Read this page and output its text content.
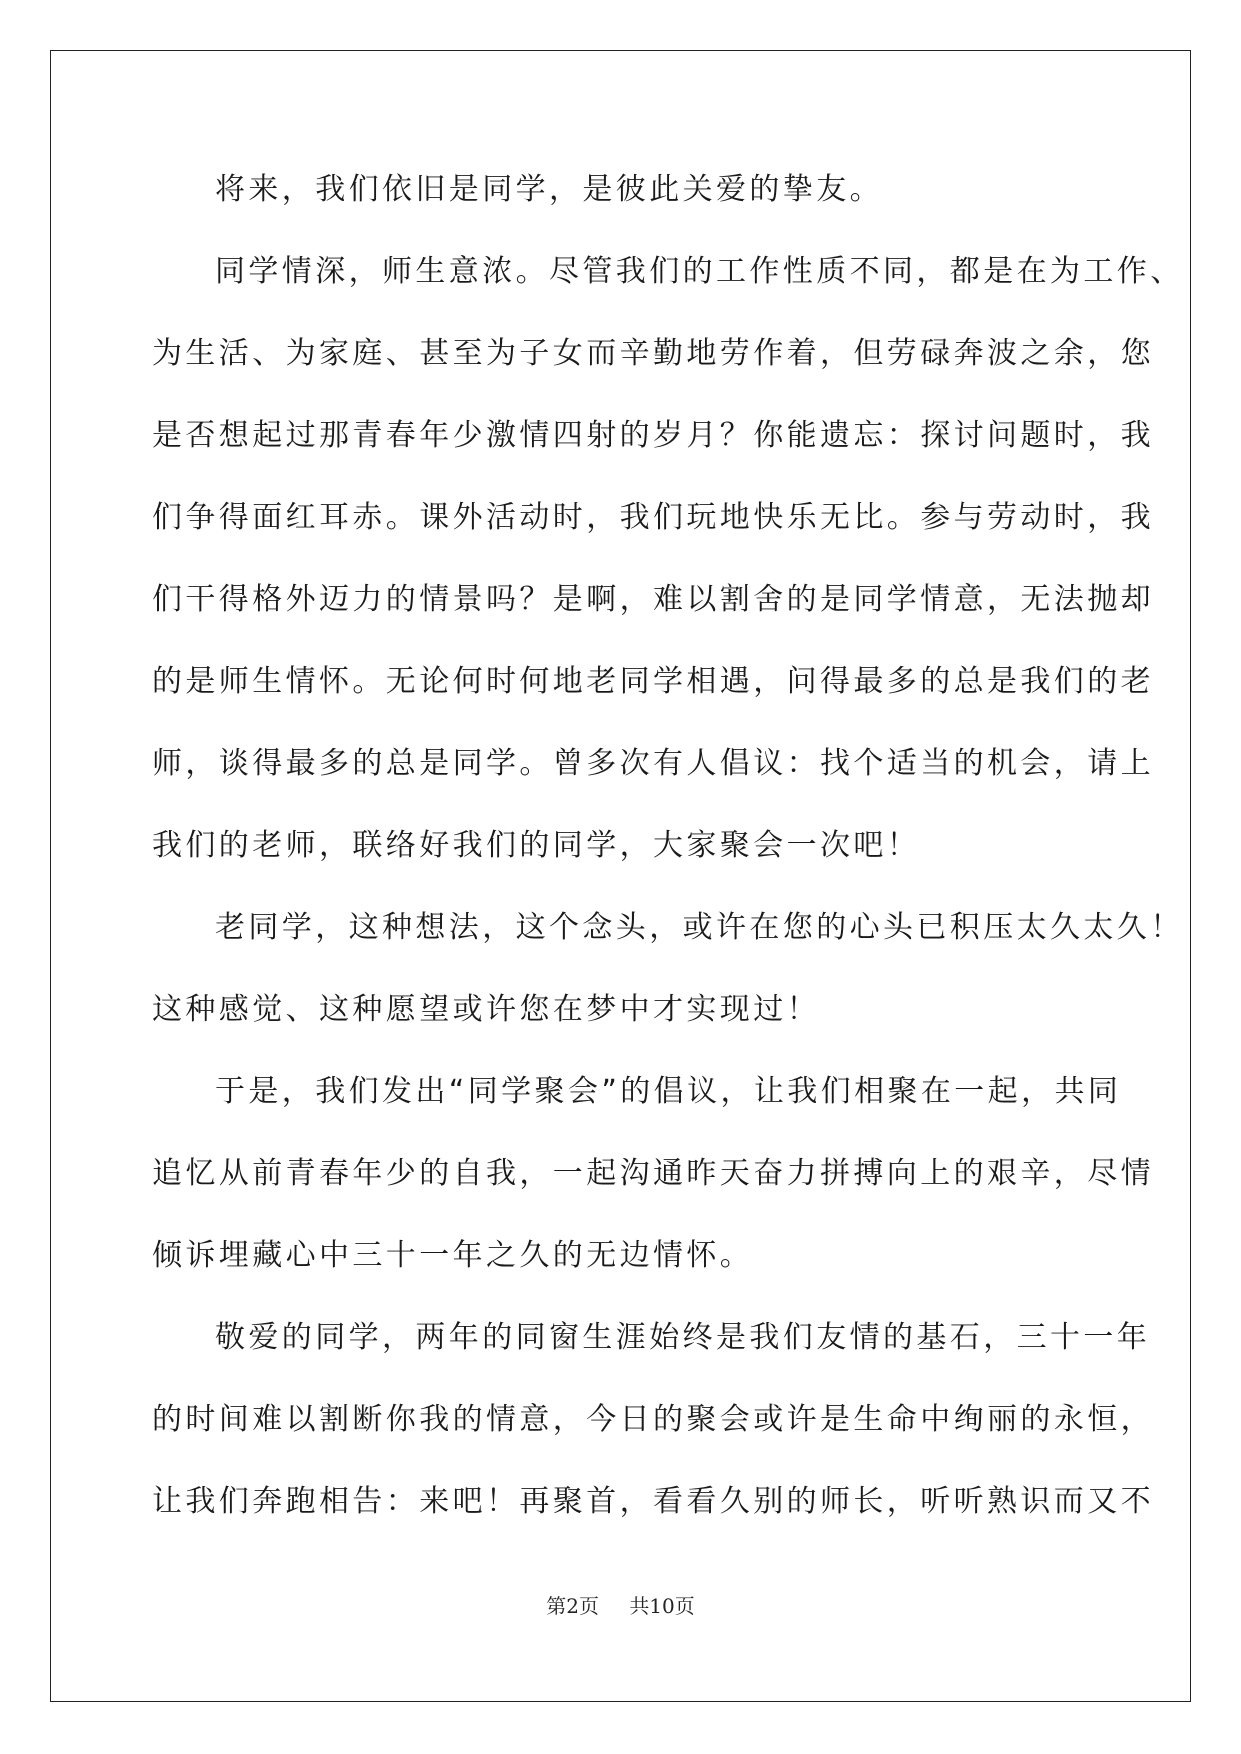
将来，我们依旧是同学，是彼此关爱的挚友。
同学情深，师生意浓。尽管我们的工作性质不同，都是在为工作、
为生活、为家庭、甚至为子女而辛勤地劳作着，但劳碌奔波之余，您
是否想起过那青春年少激情四射的岁月？你能遗忘：探讨问题时，我
们争得面红耳赤。课外活动时，我们玩地快乐无比。参与劳动时，我
们干得格外迈力的情景吗？是啊，难以割舍的是同学情意，无法抛却
的是师生情怀。无论何时何地老同学相遇，问得最多的总是我们的老
师，谈得最多的总是同学。曾多次有人倡议：找个适当的机会，请上
我们的老师，联络好我们的同学，大家聚会一次吧！
老同学，这种想法，这个念头，或许在您的心头已积压太久太久！
这种感觉、这种愿望或许您在梦中才实现过！
于是，我们发出“同学聚会”的倡议，让我们相聚在一起，共同
追忆从前青春年少的自我，一起沟通昨天奋力拼搏向上的艰辛，尽情
倾诉埋藏心中三十一年之久的无边情怀。
敬爱的同学，两年的同窗生涯始终是我们友情的基石，三十一年
的时间难以割断你我的情意，今日的聚会或许是生命中绚丽的永恒，
让我们奔跑相告：来吧！再聚首，看看久别的师长，听听熟识而又不
第2页 共10页
